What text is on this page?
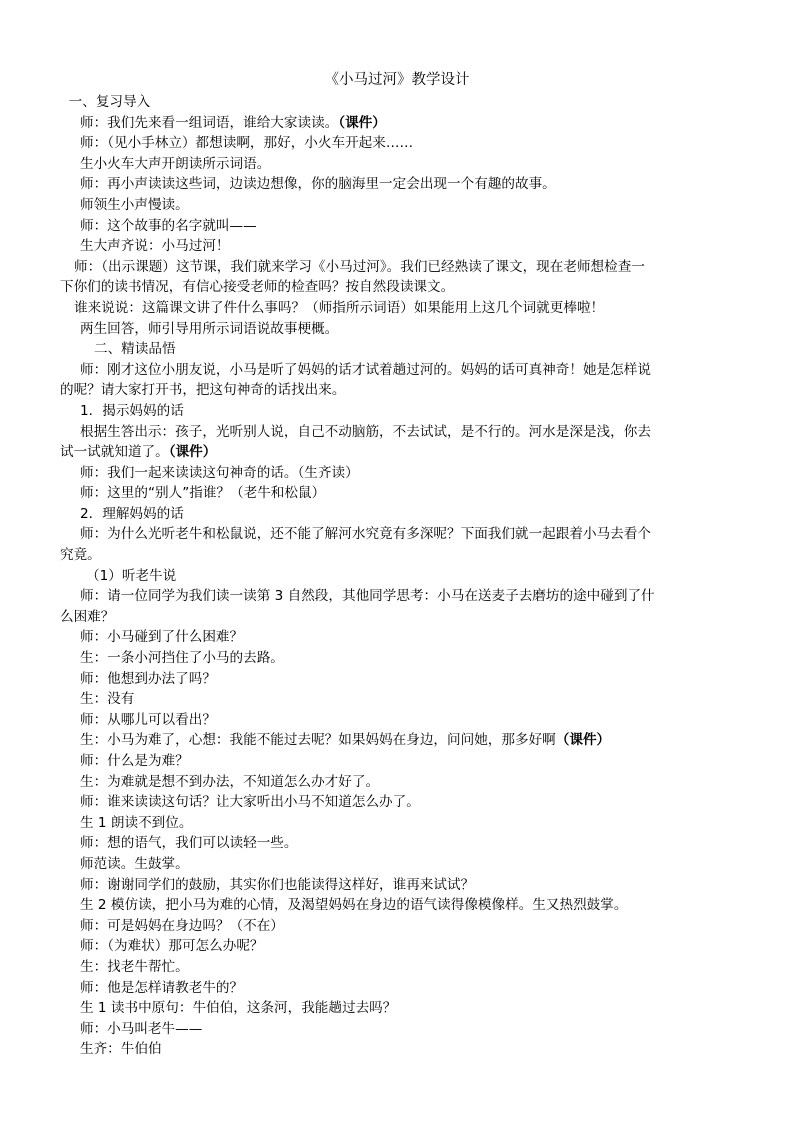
《小马过河》教学设计
一、复习导入
师：我们先来看一组词语，谁给大家读读。（课件）
师：（见小手林立）都想读啊，那好，小火车开起来……
生小火车大声开朗读所示词语。
师：再小声读读这些词，边读边想像，你的脑海里一定会出现一个有趣的故事。
师领生小声慢读。
师：这个故事的名字就叫——
生大声齐说：小马过河！
师：（出示课题）这节课，我们就来学习《小马过河》。我们已经熟读了课文，现在老师想检查一
下你们的读书情况，有信心接受老师的检查吗？按自然段读课文。
谁来说说：这篇课文讲了件什么事吗？（师指所示词语）如果能用上这几个词就更棒啦！
两生回答，师引导用所示词语说故事梗概。
二、精读品悟
师：刚才这位小朋友说，小马是听了妈妈的话才试着趟过河的。妈妈的话可真神奇！她是怎样说
的呢？请大家打开书，把这句神奇的话找出来。
1．揭示妈妈的话
根据生答出示：孩子，光听别人说，自己不动脑筋，不去试试，是不行的。河水是深是浅，你去
试一试就知道了。（课件）
师：我们一起来读读这句神奇的话。（生齐读）
师：这里的“别人”指谁？（老牛和松鼠）
2．理解妈妈的话
师：为什么光听老牛和松鼠说，还不能了解河水究竟有多深呢？下面我们就一起跟着小马去看个
究竟。
（1）听老牛说
师：请一位同学为我们读一读第 3 自然段，其他同学思考：小马在送麦子去磨坊的途中碰到了什
么困难？
师：小马碰到了什么困难？
生：一条小河挡住了小马的去路。
师：他想到办法了吗？
生：没有
师：从哪儿可以看出？
生：小马为难了，心想：我能不能过去呢？如果妈妈在身边，问问她，那多好啊（课件）
师：什么是为难？
生：为难就是想不到办法，不知道怎么办才好了。
师：谁来读读这句话？让大家听出小马不知道怎么办了。
生 1 朗读不到位。
师：想的语气，我们可以读轻一些。
师范读。生鼓掌。
师：谢谢同学们的鼓励，其实你们也能读得这样好，谁再来试试？
生 2 模仿读，把小马为难的心情，及渴望妈妈在身边的语气读得像模像样。生又热烈鼓掌。
师：可是妈妈在身边吗？（不在）
师：（为难状）那可怎么办呢？
生：找老牛帮忙。
师：他是怎样请教老牛的？
生 1 读书中原句：牛伯伯，这条河，我能趟过去吗？
师：小马叫老牛——
生齐：牛伯伯
